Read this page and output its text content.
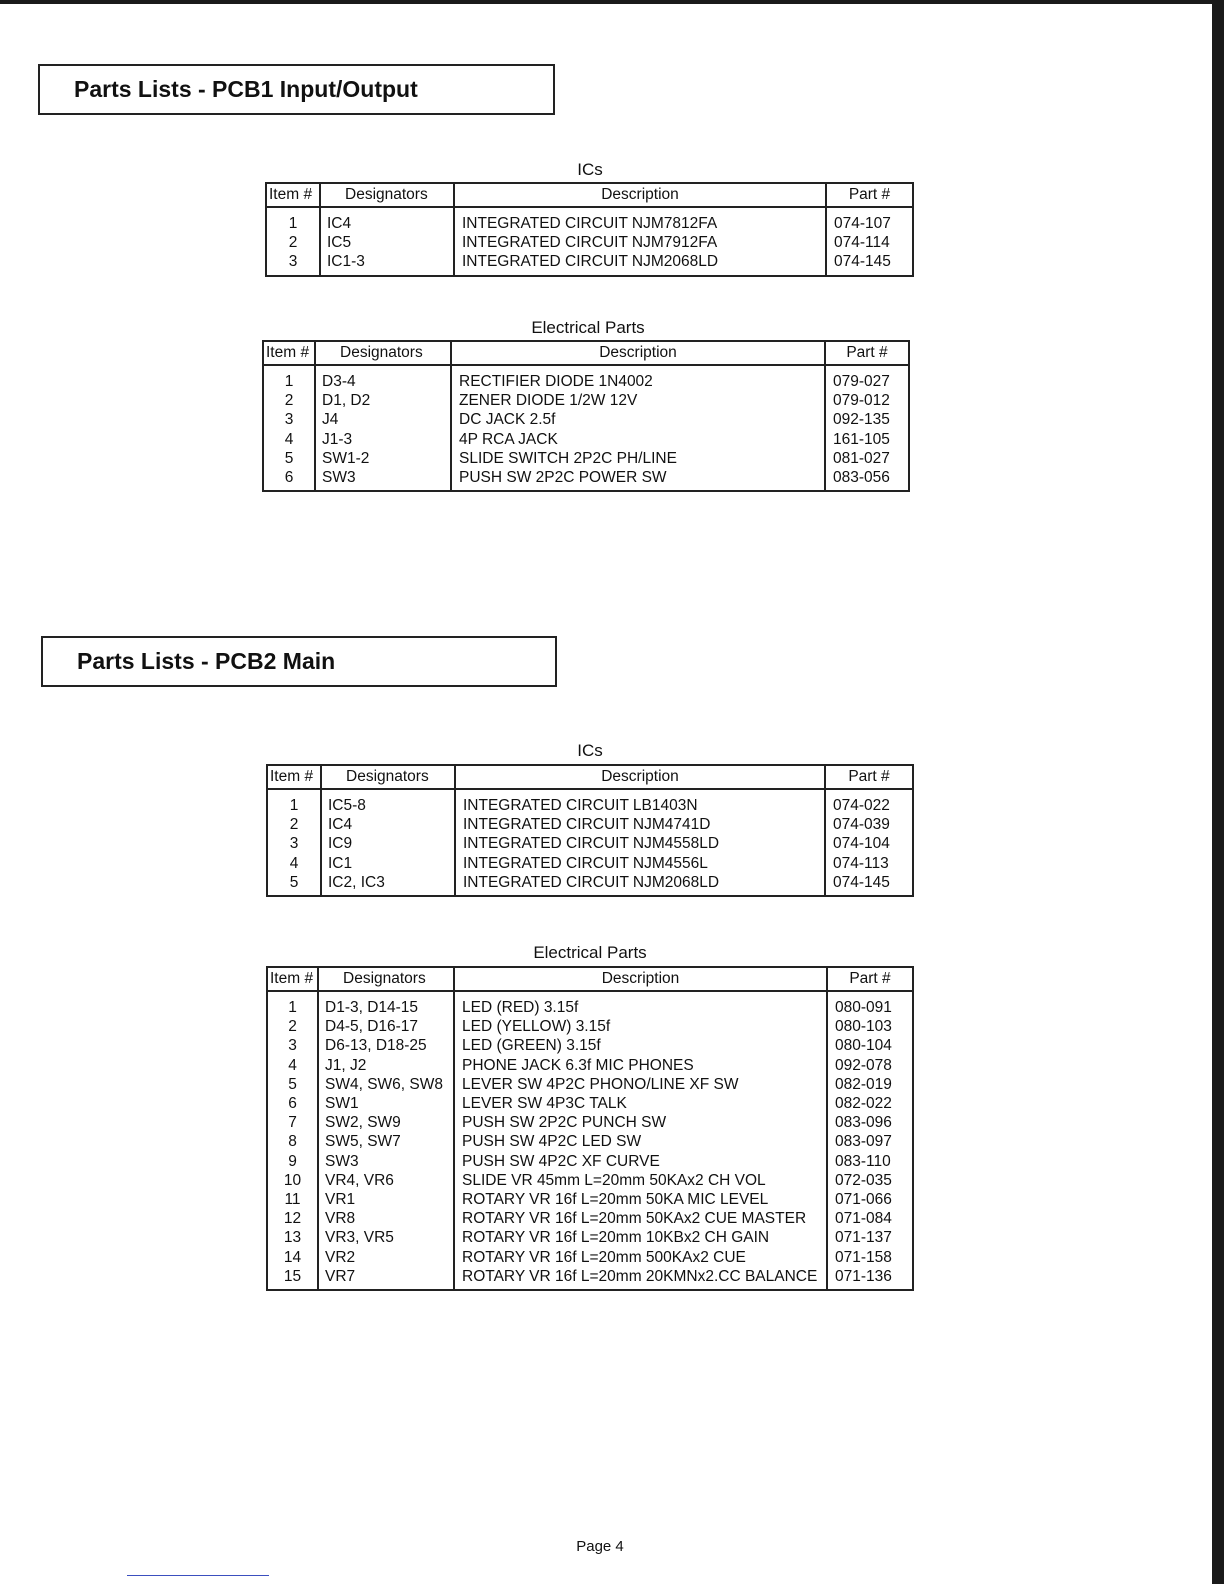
Parts Lists - PCB1 Input/Output
ICs
Item #	Designators	Description	Part #
1	IC4	INTEGRATED CIRCUIT NJM7812FA	074-107
2	IC5	INTEGRATED CIRCUIT NJM7912FA	074-114
3	IC1-3	INTEGRATED CIRCUIT NJM2068LD	074-145
Electrical Parts
Item #	Designators	Description	Part #
1	D3-4	RECTIFIER DIODE 1N4002	079-027
2	D1, D2	ZENER DIODE 1/2W 12V	079-012
3	J4	DC JACK 2.5f	092-135
4	J1-3	4P RCA JACK	161-105
5	SW1-2	SLIDE SWITCH 2P2C PH/LINE	081-027
6	SW3	PUSH SW 2P2C POWER SW	083-056
Parts Lists - PCB2 Main
ICs
Item #	Designators	Description	Part #
1	IC5-8	INTEGRATED CIRCUIT LB1403N	074-022
2	IC4	INTEGRATED CIRCUIT NJM4741D	074-039
3	IC9	INTEGRATED CIRCUIT NJM4558LD	074-104
4	IC1	INTEGRATED CIRCUIT NJM4556L	074-113
5	IC2, IC3	INTEGRATED CIRCUIT NJM2068LD	074-145
Electrical Parts
Item #	Designators	Description	Part #
1	D1-3, D14-15	LED (RED) 3.15f	080-091
2	D4-5, D16-17	LED (YELLOW) 3.15f	080-103
3	D6-13, D18-25	LED (GREEN) 3.15f	080-104
4	J1, J2	PHONE JACK 6.3f MIC PHONES	092-078
5	SW4, SW6, SW8	LEVER SW 4P2C PHONO/LINE XF SW	082-019
6	SW1	LEVER SW 4P3C TALK	082-022
7	SW2, SW9	PUSH SW 2P2C PUNCH SW	083-096
8	SW5, SW7	PUSH SW 4P2C LED SW	083-097
9	SW3	PUSH SW 4P2C XF CURVE	083-110
10	VR4, VR6	SLIDE VR 45mm L=20mm 50KAx2 CH VOL	072-035
11	VR1	ROTARY VR 16f L=20mm 50KA MIC LEVEL	071-066
12	VR8	ROTARY VR 16f L=20mm 50KAx2 CUE MASTER	071-084
13	VR3, VR5	ROTARY VR 16f L=20mm 10KBx2 CH GAIN	071-137
14	VR2	ROTARY VR 16f L=20mm 500KAx2 CUE	071-158
15	VR7	ROTARY VR 16f L=20mm 20KMNx2.CC BALANCE	071-136
Page 4
